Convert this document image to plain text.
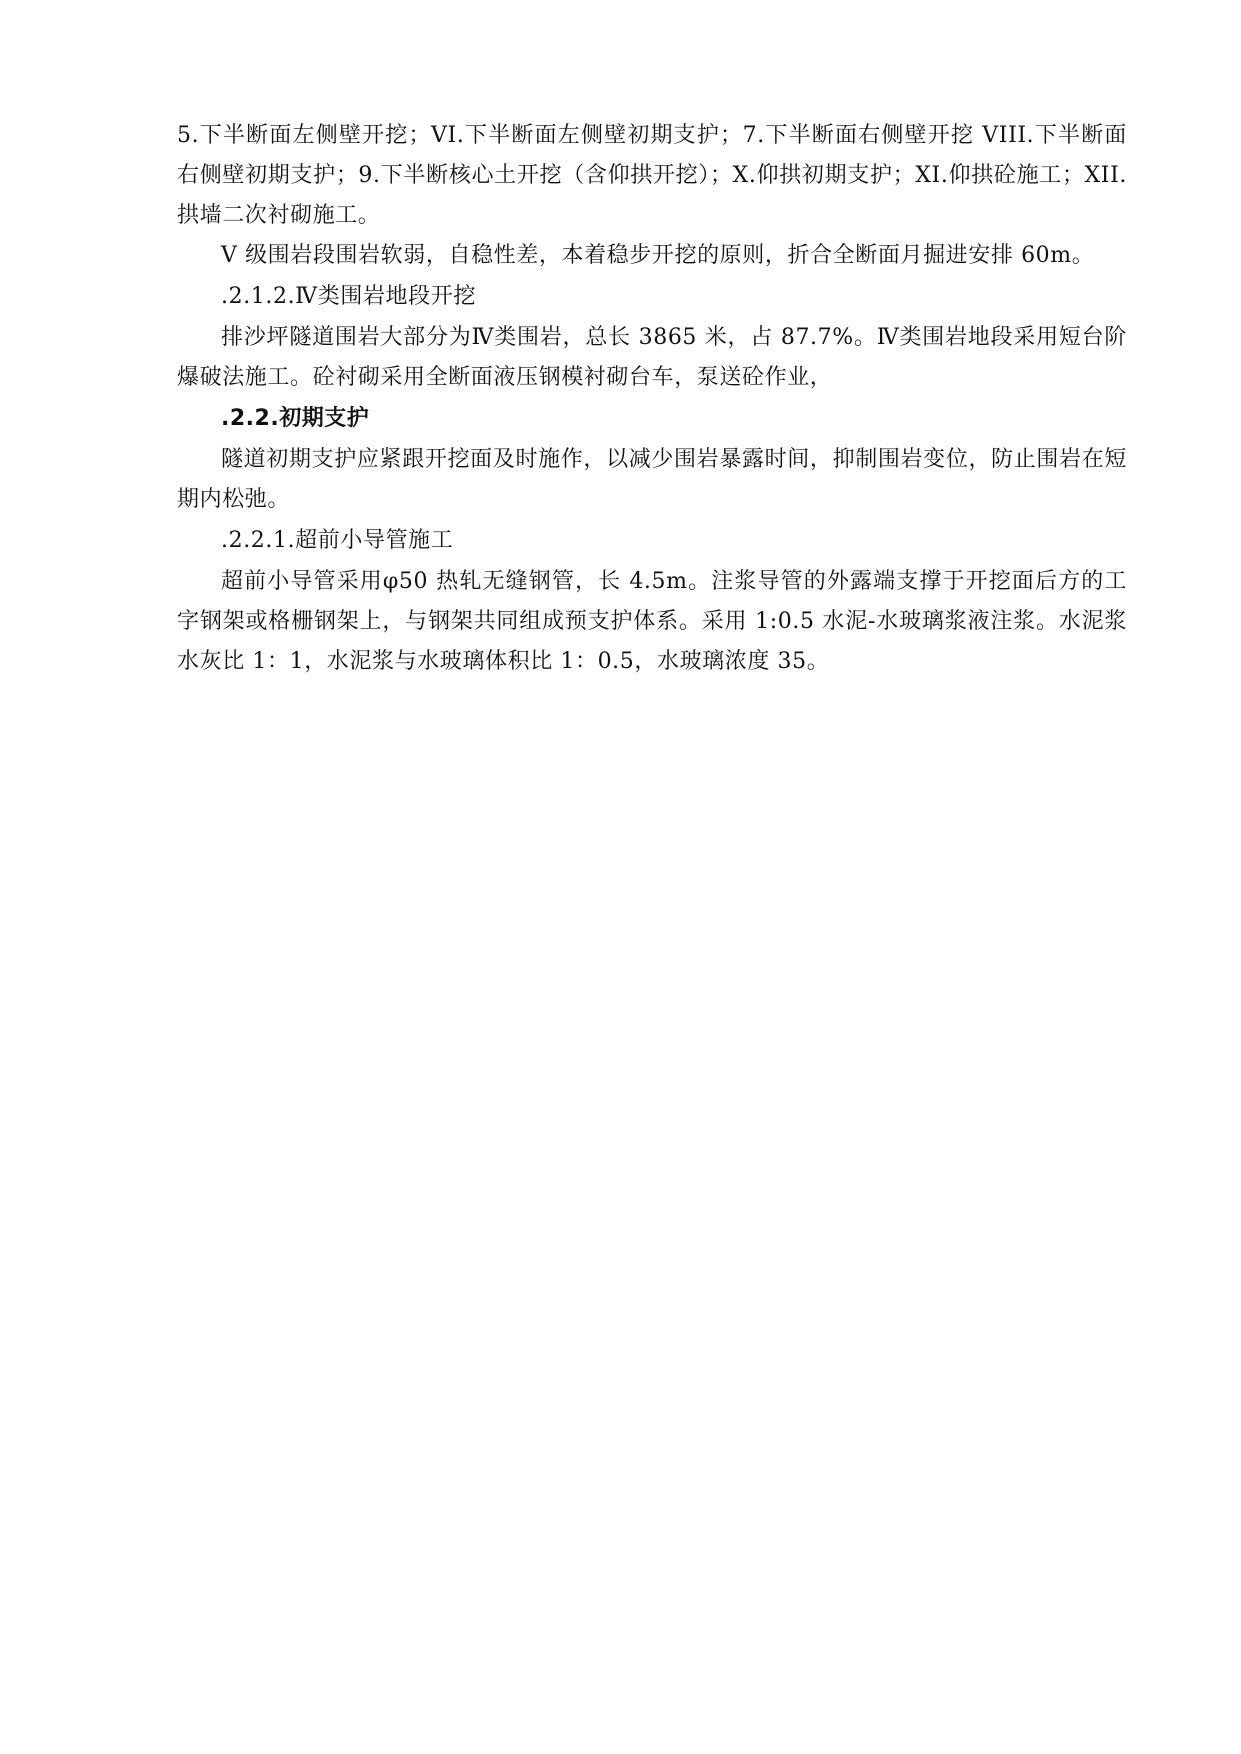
5.下半断面左侧壁开挖；VI.下半断面左侧壁初期支护；7.下半断面右侧壁开挖 VIII.下半断面右侧壁初期支护；9.下半断核心土开挖（含仰拱开挖）；X.仰拱初期支护；XI.仰拱砼施工；XII.拱墙二次衬砌施工。

V 级围岩段围岩软弱，自稳性差，本着稳步开挖的原则，折合全断面月掘进安排 60m。

.2.1.2.Ⅳ类围岩地段开挖

排沙坪隧道围岩大部分为Ⅳ类围岩，总长 3865 米，占 87.7%。Ⅳ类围岩地段采用短台阶爆破法施工。砼衬砌采用全断面液压钢模衬砌台车，泵送砼作业，

.2.2.初期支护

隧道初期支护应紧跟开挖面及时施作，以减少围岩暴露时间，抑制围岩变位，防止围岩在短期内松弛。

.2.2.1.超前小导管施工

超前小导管采用φ50 热轧无缝钢管，长 4.5m。注浆导管的外露端支撑于开挖面后方的工字钢架或格栅钢架上，与钢架共同组成预支护体系。采用 1:0.5 水泥-水玻璃浆液注浆。水泥浆水灰比 1：1，水泥浆与水玻璃体积比 1：0.5，水玻璃浓度 35。
